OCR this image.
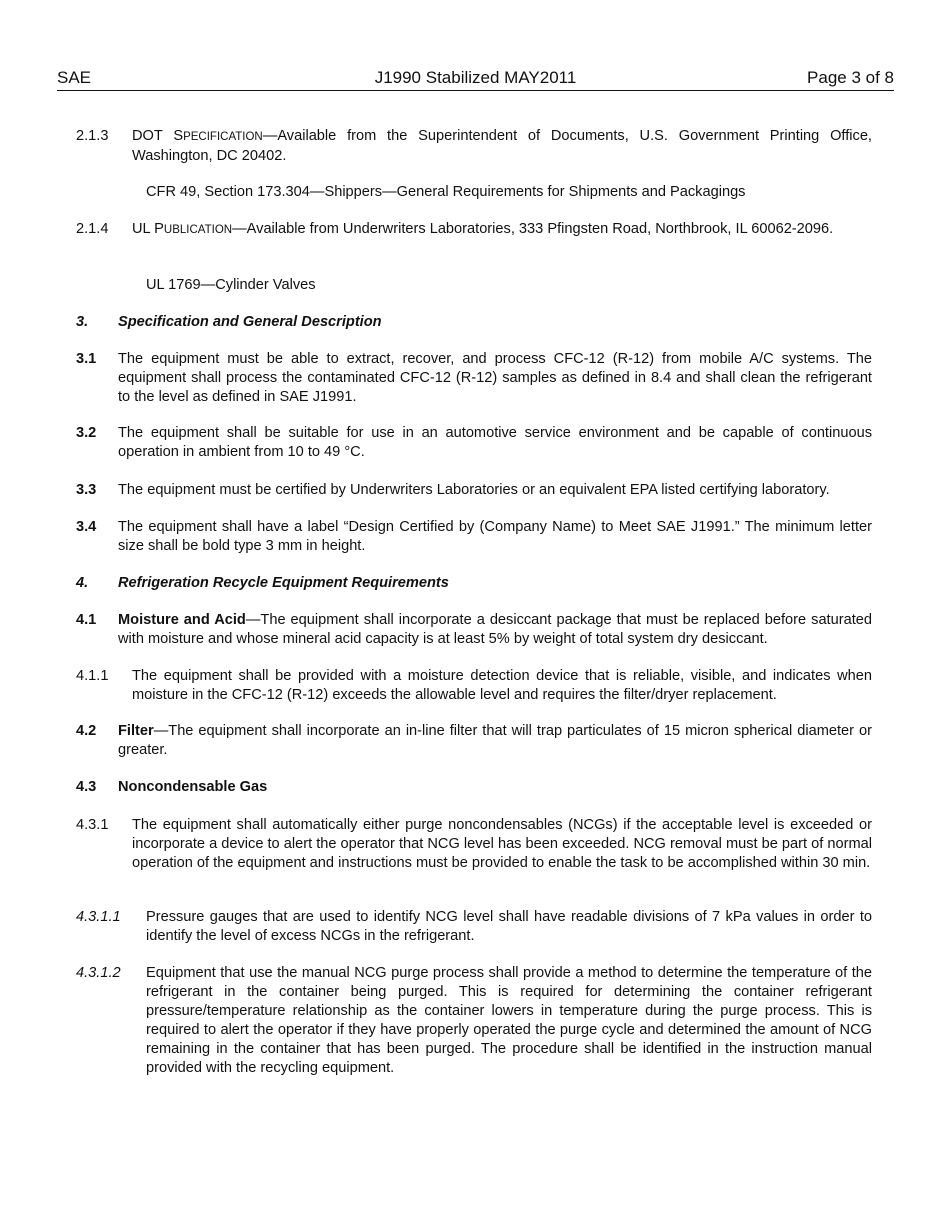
SAE	J1990 Stabilized MAY2011	Page 3 of 8
2.1.3 DOT SPECIFICATION—Available from the Superintendent of Documents, U.S. Government Printing Office, Washington, DC 20402.
CFR 49, Section 173.304—Shippers—General Requirements for Shipments and Packagings
2.1.4 UL PUBLICATION—Available from Underwriters Laboratories, 333 Pfingsten Road, Northbrook, IL 60062-2096.
UL 1769—Cylinder Valves
3. Specification and General Description
3.1 The equipment must be able to extract, recover, and process CFC-12 (R-12) from mobile A/C systems. The equipment shall process the contaminated CFC-12 (R-12) samples as defined in 8.4 and shall clean the refrigerant to the level as defined in SAE J1991.
3.2 The equipment shall be suitable for use in an automotive service environment and be capable of continuous operation in ambient from 10 to 49 °C.
3.3 The equipment must be certified by Underwriters Laboratories or an equivalent EPA listed certifying laboratory.
3.4 The equipment shall have a label “Design Certified by (Company Name) to Meet SAE J1991.” The minimum letter size shall be bold type 3 mm in height.
4. Refrigeration Recycle Equipment Requirements
4.1 Moisture and Acid—The equipment shall incorporate a desiccant package that must be replaced before saturated with moisture and whose mineral acid capacity is at least 5% by weight of total system dry desiccant.
4.1.1 The equipment shall be provided with a moisture detection device that is reliable, visible, and indicates when moisture in the CFC-12 (R-12) exceeds the allowable level and requires the filter/dryer replacement.
4.2 Filter—The equipment shall incorporate an in-line filter that will trap particulates of 15 micron spherical diameter or greater.
4.3 Noncondensable Gas
4.3.1 The equipment shall automatically either purge noncondensables (NCGs) if the acceptable level is exceeded or incorporate a device to alert the operator that NCG level has been exceeded. NCG removal must be part of normal operation of the equipment and instructions must be provided to enable the task to be accomplished within 30 min.
4.3.1.1 Pressure gauges that are used to identify NCG level shall have readable divisions of 7 kPa values in order to identify the level of excess NCGs in the refrigerant.
4.3.1.2 Equipment that use the manual NCG purge process shall provide a method to determine the temperature of the refrigerant in the container being purged. This is required for determining the container refrigerant pressure/temperature relationship as the container lowers in temperature during the purge process. This is required to alert the operator if they have properly operated the purge cycle and determined the amount of NCG remaining in the container that has been purged. The procedure shall be identified in the instruction manual provided with the recycling equipment.
